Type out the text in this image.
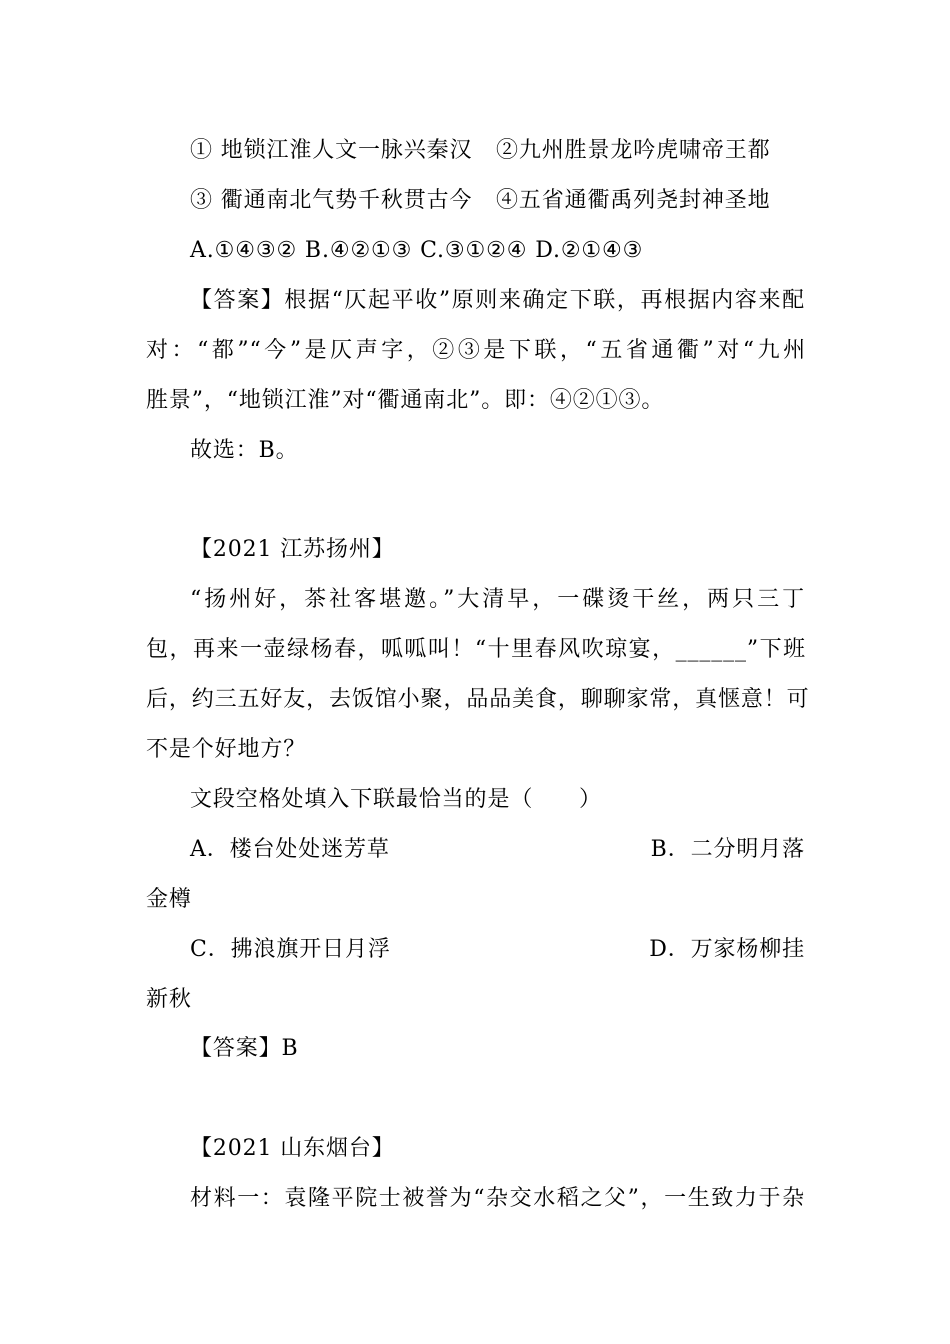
① 地锁江淮人文一脉兴秦汉 ②九州胜景龙吟虎啸帝王都
③ 衢通南北气势千秋贯古今 ④五省通衢禹列尧封神圣地
A.①④③② B.④②①③ C.③①②④ D.②①④③
【答案】根据“仄起平收”原则来确定下联，再根据内容来配
对：“都”“今”是仄声字，②③是下联，“五省通衢”对“九州
胜景”，“地锁江淮”对“衢通南北”。即：④②①③。
故选：B。
【2021 江苏扬州】
“扬州好，茶社客堪邀。”大清早，一碟烫干丝，两只三丁
包，再来一壶绿杨春，呱呱叫！“十里春风吹琼宴，______”下班
后，约三五好友，去饭馆小聚，品品美食，聊聊家常，真惬意！可
不是个好地方？
文段空格处填入下联最恰当的是（　　）
A．楼台处处迷芳草	B．二分明月落
金樽
C．拂浪旗开日月浮	D．万家杨柳挂
新秋
【答案】B
【2021 山东烟台】
材料一：袁隆平院士被誉为“杂交水稻之父”，一生致力于杂
